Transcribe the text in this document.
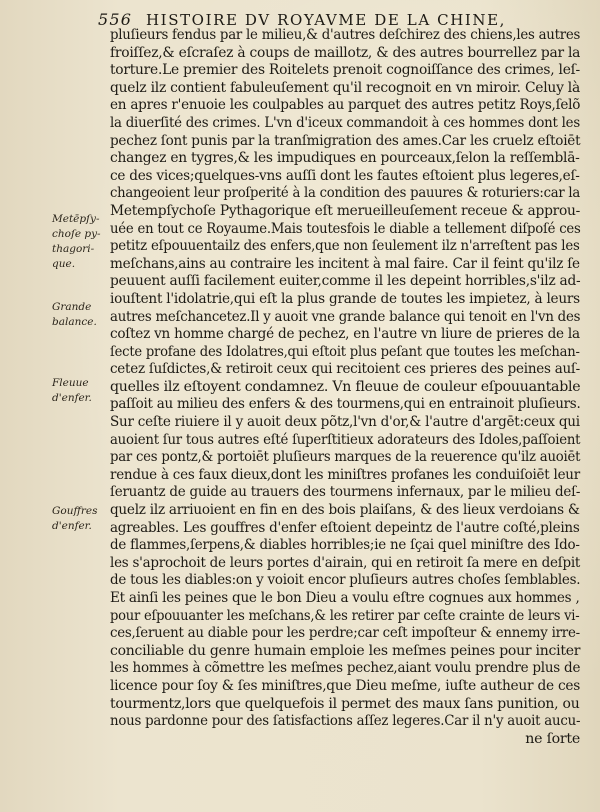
556 HISTOIRE DV ROYAVME DE LA CHINE,
Metēpſy-
choſe py-
thagori-
que.
Grande
balance.
Fleuue
d'enfer.
Gouffres
d'enfer.
pluſieurs fendus par le milieu,& d'autres deſchirez des chiens,les autres
froiſſez,& eſcraſez à coups de maillotz, & des autres bourrellez par la
torture.Le premier des Roitelets prenoit cognoiſſance des crimes, leſ-
quelz ilz contient fabuleuſement qu'il recognoit en vn miroir. Celuy là
en apres r'enuoie les coulpables au parquet des autres petitz Roys,ſelõ
la diuerſité des crimes. L'vn d'iceux commandoit à ces hommes dont les
pechez ſont punis par la tranſmigration des ames.Car les cruelz eſtoiēt
changez en tygres,& les impudiques en pourceaux,ſelon la reſſemblā-
ce des vices;quelques-vns auſſi dont les fautes eſtoient plus legeres,eſ-
changeoient leur proſperité à la condition des pauures & roturiers:car la
Metempſychoſe Pythagorique eſt merueilleuſement receue & approu-
uée en tout ce Royaume.Mais toutesfois le diable a tellement diſpoſé ces
petitz eſpouuentailz des enfers,que non ſeulement ilz n'arreſtent pas les
meſchans,ains au contraire les incitent à mal faire. Car il feint qu'ilz ſe
peuuent auſſi facilement euiter,comme il les depeint horribles,s'ilz ad-
iouſtent l'idolatrie,qui eſt la plus grande de toutes les impietez, à leurs
autres meſchancetez.Il y auoit vne grande balance qui tenoit en l'vn des
coſtez vn homme chargé de pechez, en l'autre vn liure de prieres de la
ſecte profane des Idolatres,qui eſtoit plus peſant que toutes les meſchan-
cetez ſuſdictes,& retiroit ceux qui recitoient ces prieres des peines auſ-
quelles ilz eſtoyent condamnez. Vn fleuue de couleur eſpouuantable
paſſoit au milieu des enfers & des tourmens,qui en entrainoit pluſieurs.
Sur ceſte riuiere il y auoit deux põtz,l'vn d'or,& l'autre d'argēt:ceux qui
auoient ſur tous autres eſté ſuperſtitieux adorateurs des Idoles,paſſoient
par ces pontz,& portoiēt pluſieurs marques de la reuerence qu'ilz auoiēt
rendue à ces faux dieux,dont les miniſtres profanes les conduiſoiēt leur
ſeruantz de guide au trauers des tourmens infernaux, par le milieu deſ-
quelz ilz arriuoient en fin en des bois plaiſans, & des lieux verdoians &
agreables. Les gouffres d'enfer eſtoient depeintz de l'autre coſté,pleins
de flammes,ſerpens,& diables horribles;ie ne ſçai quel miniſtre des Ido-
les s'aprochoit de leurs portes d'airain, qui en retiroit ſa mere en deſpit
de tous les diables:on y voioit encor pluſieurs autres choſes ſemblables.
Et ainſi les peines que le bon Dieu a voulu eſtre cognues aux hommes ,
pour eſpouuanter les meſchans,& les retirer par ceſte crainte de leurs vi-
ces,ſeruent au diable pour les perdre;car ceſt impoſteur & ennemy irre-
conciliable du genre humain emploie les meſmes peines pour inciter
les hommes à cõmettre les meſmes pechez,aiant voulu prendre plus de
licence pour ſoy & ſes miniſtres,que Dieu meſme, iuſte autheur de ces
tourmentz,lors que quelquefois il permet des maux ſans punition, ou
nous pardonne pour des ſatisfactions aſſez legeres.Car il n'y auoit aucu-
ne ſorte
